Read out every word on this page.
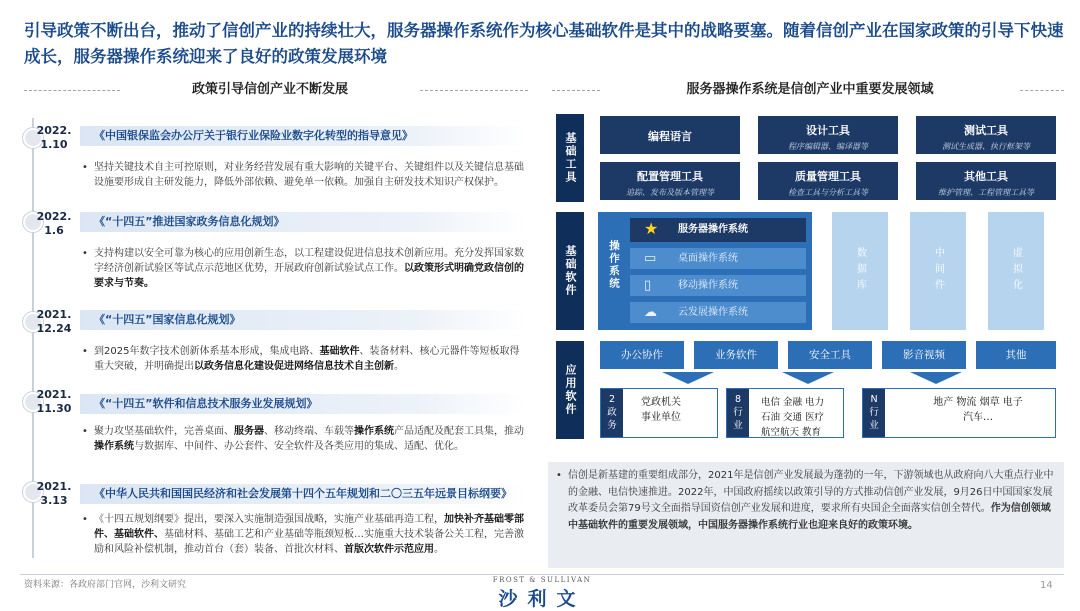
引导政策不断出台，推动了信创产业的持续壮大，服务器操作系统作为核心基础软件是其中的战略要塞。随着信创产业在国家政策的引导下快速成长，服务器操作系统迎来了良好的政策发展环境
政策引导信创产业不断发展
2022.
1.10
《中国银保监会办公厅关于银行业保险业数字化转型的指导意见》
• 坚持关键技术自主可控原则，对业务经营发展有重大影响的关键平台、关键组件以及关键信息基础设施要形成自主研发能力，降低外部依赖、避免单一依赖。加强自主研发技术知识产权保护。
2022.
1.6
《“十四五”推进国家政务信息化规划》
• 支持构建以安全可靠为核心的应用创新生态，以工程建设促进信息技术创新应用。充分发挥国家数字经济创新试验区等试点示范地区优势，开展政府创新试验试点工作。以政策形式明确党政信创的要求与节奏。
2021.
12.24
《“十四五”国家信息化规划》
• 到2025年数字技术创新体系基本形成，集成电路、基础软件、装备材料、核心元器件等短板取得重大突破，并明确提出以政务信息化建设促进网络信息技术自主创新。
2021.
11.30	《“十四五”软件和信息技术服务业发展规划》
• 聚力攻坚基础软件，完善桌面、服务器、移动终端、车载等操作系统产品适配及配套工具集，推动操作系统与数据库、中间件、办公套件、安全软件及各类应用的集成、适配、优化。
2021.
3.13
《中华人民共和国国民经济和社会发展第十四个五年规划和二〇三五年远景目标纲要》
• 《十四五规划纲要》提出，要深入实施制造强国战略，实施产业基础再造工程，加快补齐基础零部件、基础软件、基础材料、基础工艺和产业基础等瓶颈短板…实施重大技术装备公关工程，完善激励和风险补偿机制，推动首台（套）装备、首批次材料、首版次软件示范应用。
服务器操作系统是信创产业中重要发展领域
基础工具
基础软件
应用软件
编程语言	设计工具
程序编辑器、编译器等
测试工具
测试生成器、执行框架等
配置管理工具
追踪、发布及版本管理等
质量管理工具
检查工具与分析工具等
其他工具
维护管理、工程管理工具等
操作系统
★ 服务器操作系统
▭ 桌面操作系统
▯	移动操作系统
☁ 云发展操作系统
数据库	中间件	虚拟化
办公协作	业务软件	安全工具	影音视频	其他
2
政
务
党政机关
事业单位
8
行
业
电信 金融 电力
石油 交通 医疗
航空航天 教育
N
行
业
地产 物流 烟草 电子
汽车…
• 信创是新基建的重要组成部分，2021年是信创产业发展最为蓬勃的一年，下游领域也从政府向八大重点行业中的金融、电信快速推进。2022年，中国政府摇续以政策引导的方式推动信创产业发展，9月26日中国国家发展改革委员会第79号文全面指导国资信创产业发展和进度，要求所有央国企全面落实信创全替代。作为信创领域中基础软件的重要发展领域，中国服务器操作系统行业也迎来良好的政策环境。
资料来源：各政府部门官网，沙利文研究	FROST & SULLIVAN
沙利文
14
